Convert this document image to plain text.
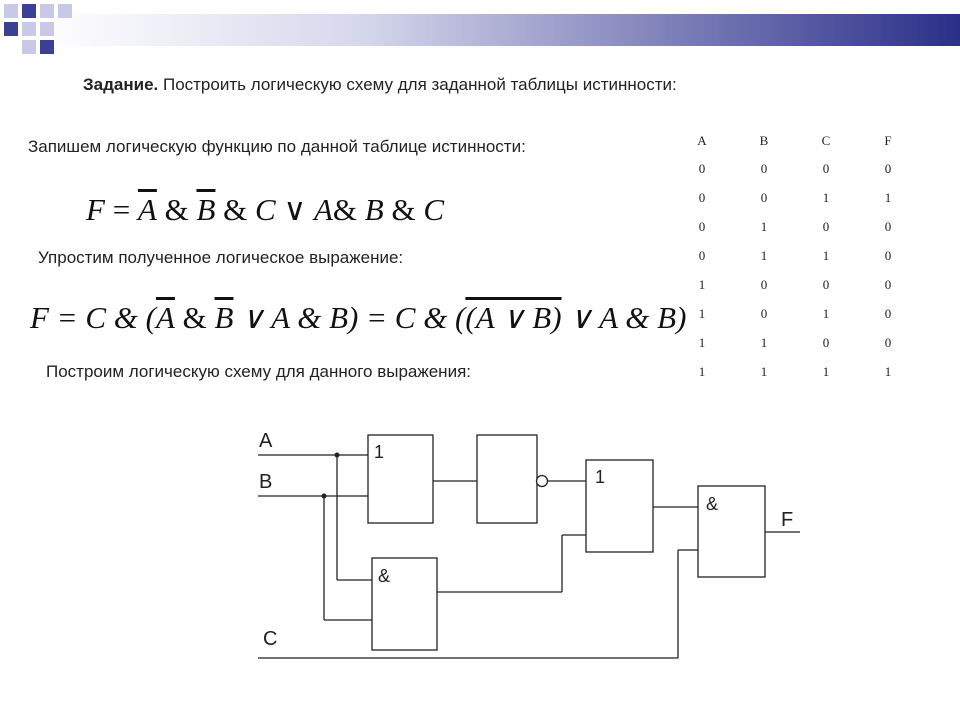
Задание. Построить логическую схему для заданной таблицы истинности:
Запишем логическую функцию по данной таблице истинности:
$F = \overline{A}$ & $\overline{B}$ & C ∨ A& B & C
Упростим полученное логическое выражение:
F = C & ($\overline{A}$ & $\overline{B}$ ∨ A & B) = C & ((A ∨ B) ∨ A & B)
Построим логическую схему для данного выражения:
A	B	C	F
0	0	0	0
0	0	1	1
0	1	0	0
0	1	1	0
1	0	0	0
1	0	1	0
1	1	0	0
1	1	1	1
A
B
C
F
1
&
1
&
